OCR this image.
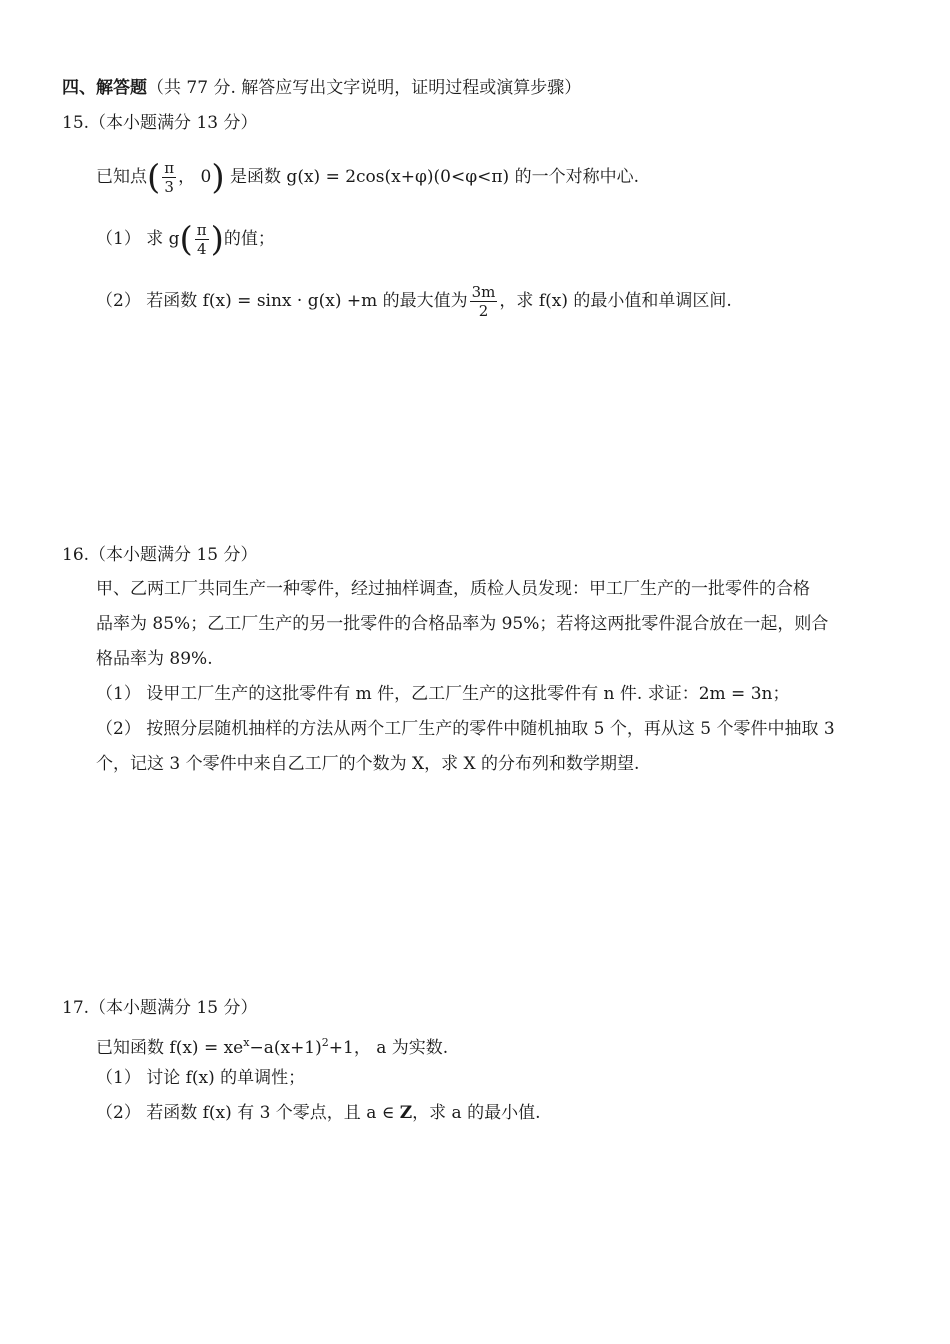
四、解答题（共 77 分. 解答应写出文字说明，证明过程或演算步骤）
15.（本小题满分 13 分）
已知点( $\frac{\pi}{3}$ ， 0) 是函数 g(x) = 2cos(x+φ)(0<φ<π) 的一个对称中心.
（1） 求 $g( \frac{\pi}{4}$ )的值；
（2） 若函数 f(x) = sinx · g(x) +m 的最大值为 $\frac{3m}{2}$ ，求 f(x) 的最小值和单调区间.
16.（本小题满分 15 分）
甲、乙两工厂共同生产一种零件，经过抽样调查，质检人员发现：甲工厂生产的一批零件的合格
品率为 85%；乙工厂生产的另一批零件的合格品率为 95%；若将这两批零件混合放在一起，则合
格品率为 89%.
（1） 设甲工厂生产的这批零件有 m 件，乙工厂生产的这批零件有 n 件. 求证：2m = 3n；
（2） 按照分层随机抽样的方法从两个工厂生产的零件中随机抽取 5 个，再从这 5 个零件中抽取 3
个，记这 3 个零件中来自乙工厂的个数为 X，求 X 的分布列和数学期望.
17.（本小题满分 15 分）
已知函数 $f(x) = xe^x-a(x+1)^2+1$， a 为实数.
（1） 讨论 f(x) 的单调性；
（2） 若函数 f(x) 有 3 个零点，且 a ∈ Z，求 a 的最小值.
